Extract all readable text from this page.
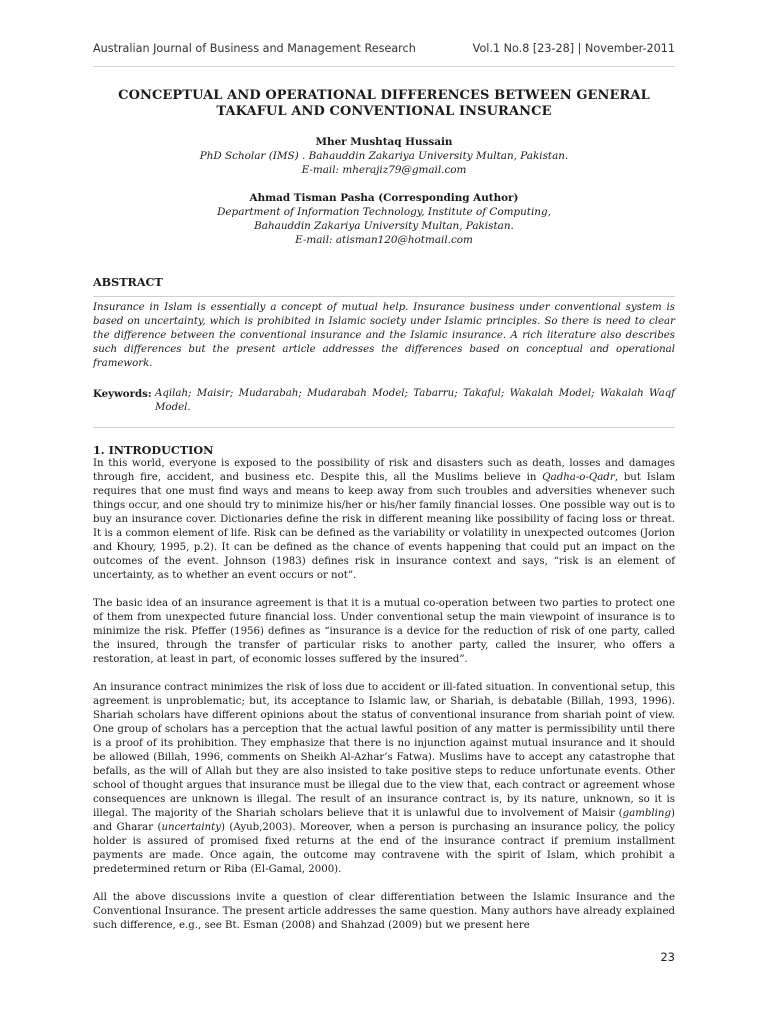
Australian Journal of Business and Management Research	Vol.1 No.8 [23-28] | November-2011
CONCEPTUAL AND OPERATIONAL DIFFERENCES BETWEEN GENERAL
TAKAFUL AND CONVENTIONAL INSURANCE
Mher Mushtaq Hussain
PhD Scholar (IMS) . Bahauddin Zakariya University Multan, Pakistan.
E-mail: mherajiz79@gmail.com
Ahmad Tisman Pasha (Corresponding Author)
Department of Information Technology, Institute of Computing,
Bahauddin Zakariya University Multan, Pakistan.
E-mail: atisman120@hotmail.com
ABSTRACT
Insurance in Islam is essentially a concept of mutual help. Insurance business under conventional system is based on uncertainty, which is prohibited in Islamic society under Islamic principles. So there is need to clear the difference between the conventional insurance and the Islamic insurance. A rich literature also describes such differences but the present article addresses the differences based on conceptual and operational framework.
Keywords: Aqilah; Maisir; Mudarabah; Mudarabah Model; Tabarru; Takaful; Wakalah Model; Wakalah Waqf Model.
1. INTRODUCTION

In this world, everyone is exposed to the possibility of risk and disasters such as death, losses and damages through fire, accident, and business etc. Despite this, all the Muslims believe in Qadha-o-Qadr, but Islam requires that one must find ways and means to keep away from such troubles and adversities whenever such things occur, and one should try to minimize his/her or his/her family financial losses. One possible way out is to buy an insurance cover. Dictionaries define the risk in different meaning like possibility of facing loss or threat. It is a common element of life. Risk can be defined as the variability or volatility in unexpected outcomes (Jorion and Khoury, 1995, p.2). It can be defined as the chance of events happening that could put an impact on the outcomes of the event. Johnson (1983) defines risk in insurance context and says, “risk is an element of uncertainty, as to whether an event occurs or not”.

The basic idea of an insurance agreement is that it is a mutual co-operation between two parties to protect one of them from unexpected future financial loss. Under conventional setup the main viewpoint of insurance is to minimize the risk. Pfeffer (1956) defines as “insurance is a device for the reduction of risk of one party, called the insured, through the transfer of particular risks to another party, called the insurer, who offers a restoration, at least in part, of economic losses suffered by the insured”.

An insurance contract minimizes the risk of loss due to accident or ill-fated situation. In conventional setup, this agreement is unproblematic; but, its acceptance to Islamic law, or Shariah, is debatable (Billah, 1993, 1996). Shariah scholars have different opinions about the status of conventional insurance from shariah point of view. One group of scholars has a perception that the actual lawful position of any matter is permissibility until there is a proof of its prohibition. They emphasize that there is no injunction against mutual insurance and it should be allowed (Billah, 1996, comments on Sheikh Al-Azhar’s Fatwa). Muslims have to accept any catastrophe that befalls, as the will of Allah but they are also insisted to take positive steps to reduce unfortunate events. Other school of thought argues that insurance must be illegal due to the view that, each contract or agreement whose consequences are unknown is illegal. The result of an insurance contract is, by its nature, unknown, so it is illegal. The majority of the Shariah scholars believe that it is unlawful due to involvement of Maisir (gambling) and Gharar (uncertainty) (Ayub,2003). Moreover, when a person is purchasing an insurance policy, the policy holder is assured of promised fixed returns at the end of the insurance contract if premium installment payments are made. Once again, the outcome may contravene with the spirit of Islam, which prohibit a predetermined return or Riba (El-Gamal, 2000).

All the above discussions invite a question of clear differentiation between the Islamic Insurance and the Conventional Insurance. The present article addresses the same question. Many authors have already explained such difference, e.g., see Bt. Esman (2008) and Shahzad (2009) but we present here

23
